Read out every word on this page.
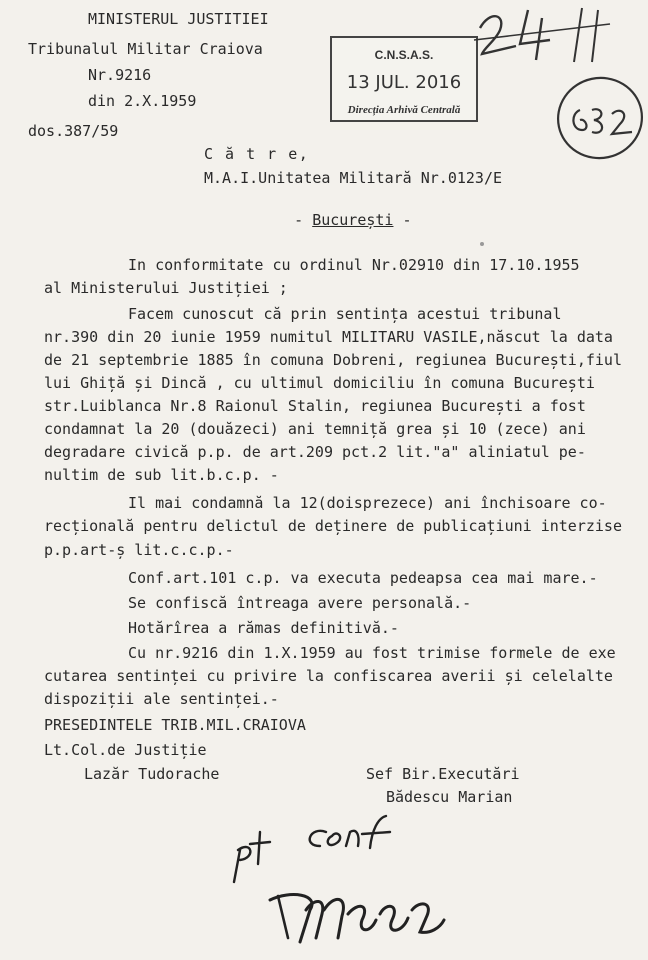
MINISTERUL JUSTITIEI
Tribunalul Militar Craiova
Nr.9216
din 2.X.1959
dos.387/59
C.N.S.A.S.
13 JUL. 2016
Direcția Arhivă Centrală
C ă t r e,
M.A.I.Unitatea Militară Nr.0123/E

- București -

In conformitate cu ordinul Nr.02910 din 17.10.1955
al Ministerului Justiției ;
Facem cunoscut că prin sentința acestui tribunal
nr.390 din 20 iunie 1959 numitul MILITARU VASILE,născut la data
de 21 septembrie 1885 în comuna Dobreni, regiunea București,fiul
lui Ghiță și Dincă , cu ultimul domiciliu în comuna București
str.Luiblanca Nr.8 Raionul Stalin, regiunea București a fost
condamnat la 20 (douăzeci) ani temniță grea și 10 (zece) ani
degradare civică p.p. de art.209 pct.2 lit."a" aliniatul pe-
nultim de sub lit.b.c.p. -
Il mai condamnă la 12(doisprezece) ani închisoare co-
recțională pentru delictul de deținere de publicațiuni interzise
p.p.art-ș lit.c.c.p.-
Conf.art.101 c.p. va executa pedeapsa cea mai mare.-
Se confiscă întreaga avere personală.-
Hotărîrea a rămas definitivă.-
Cu nr.9216 din 1.X.1959 au fost trimise formele de exe
cutarea sentinței cu privire la confiscarea averii și celelalte
dispoziții ale sentinței.-
PRESEDINTELE TRIB.MIL.CRAIOVA
Lt.Col.de Justiție
Lazăr Tudorache	Sef Bir.Executări
Bădescu Marian
